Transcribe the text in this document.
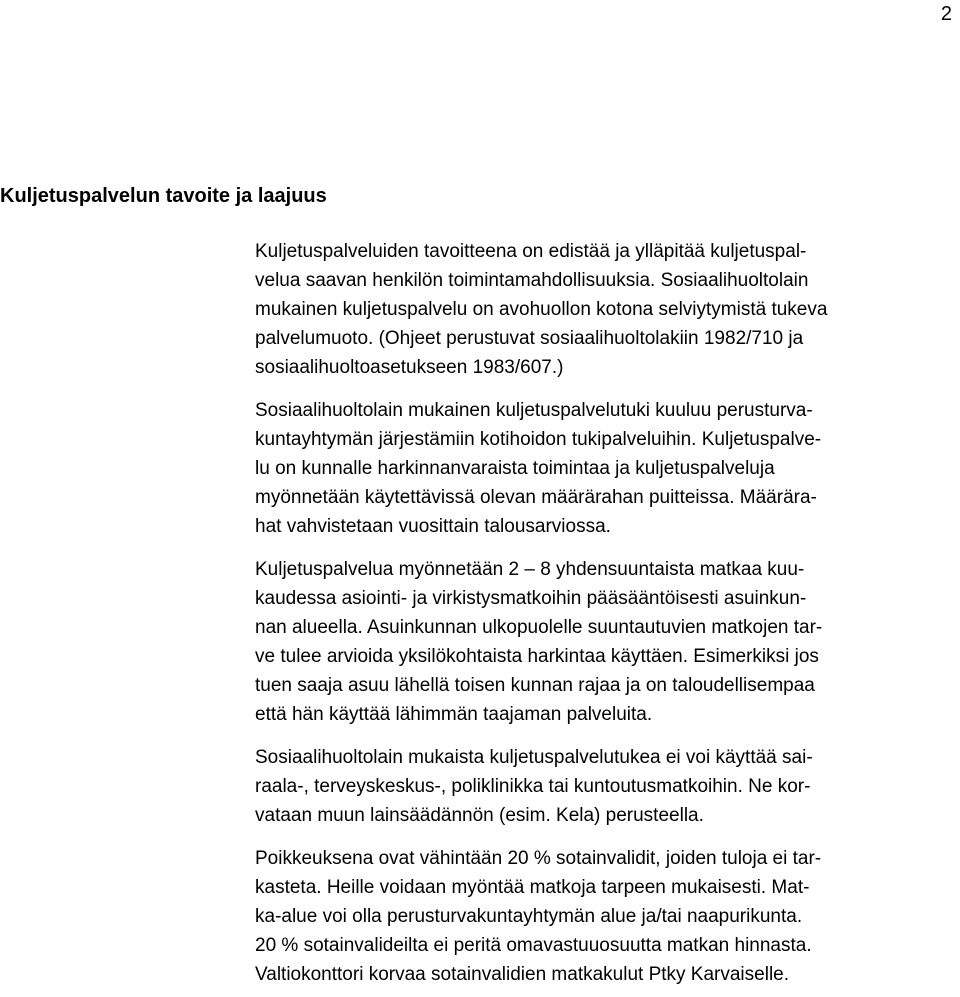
2
Kuljetuspalvelun tavoite ja laajuus

Kuljetuspalveluiden tavoitteena on edistää ja ylläpitää kuljetuspal-
velua saavan henkilön toimintamahdollisuuksia. Sosiaalihuoltolain
mukainen kuljetuspalvelu on avohuollon kotona selviytymistä tukeva
palvelumuoto. (Ohjeet perustuvat sosiaalihuoltolakiin 1982/710 ja
sosiaalihuoltoasetukseen 1983/607.)

Sosiaalihuoltolain mukainen kuljetuspalvelutuki kuuluu perusturva-
kuntayhtymän järjestämiin kotihoidon tukipalveluihin. Kuljetuspalve-
lu on kunnalle harkinnanvaraista toimintaa ja kuljetuspalveluja
myönnetään käytettävissä olevan määrärahan puitteissa. Määrära-
hat vahvistetaan vuosittain talousarviossa.

Kuljetuspalvelua myönnetään 2 – 8 yhdensuuntaista matkaa kuu-
kaudessa asiointi- ja virkistysmatkoihin pääsääntöisesti asuinkun-
nan alueella. Asuinkunnan ulkopuolelle suuntautuvien matkojen tar-
ve tulee arvioida yksilökohtaista harkintaa käyttäen. Esimerkiksi jos
tuen saaja asuu lähellä toisen kunnan rajaa ja on taloudellisempaa
että hän käyttää lähimmän taajaman palveluita.

Sosiaalihuoltolain mukaista kuljetuspalvelutukea ei voi käyttää sai-
raala-, terveyskeskus-, poliklinikka tai kuntoutusmatkoihin. Ne kor-
vataan muun lainsäädännön (esim. Kela) perusteella.

Poikkeuksena ovat vähintään 20 % sotainvalidit, joiden tuloja ei tar-
kasteta. Heille voidaan myöntää matkoja tarpeen mukaisesti. Mat-
ka-alue voi olla perusturvakuntayhtymän alue ja/tai naapurikunta.
20 % sotainvalideilta ei peritä omavastuuosuutta matkan hinnasta.
Valtiokonttori korvaa sotainvalidien matkakulut Ptky Karvaiselle.
